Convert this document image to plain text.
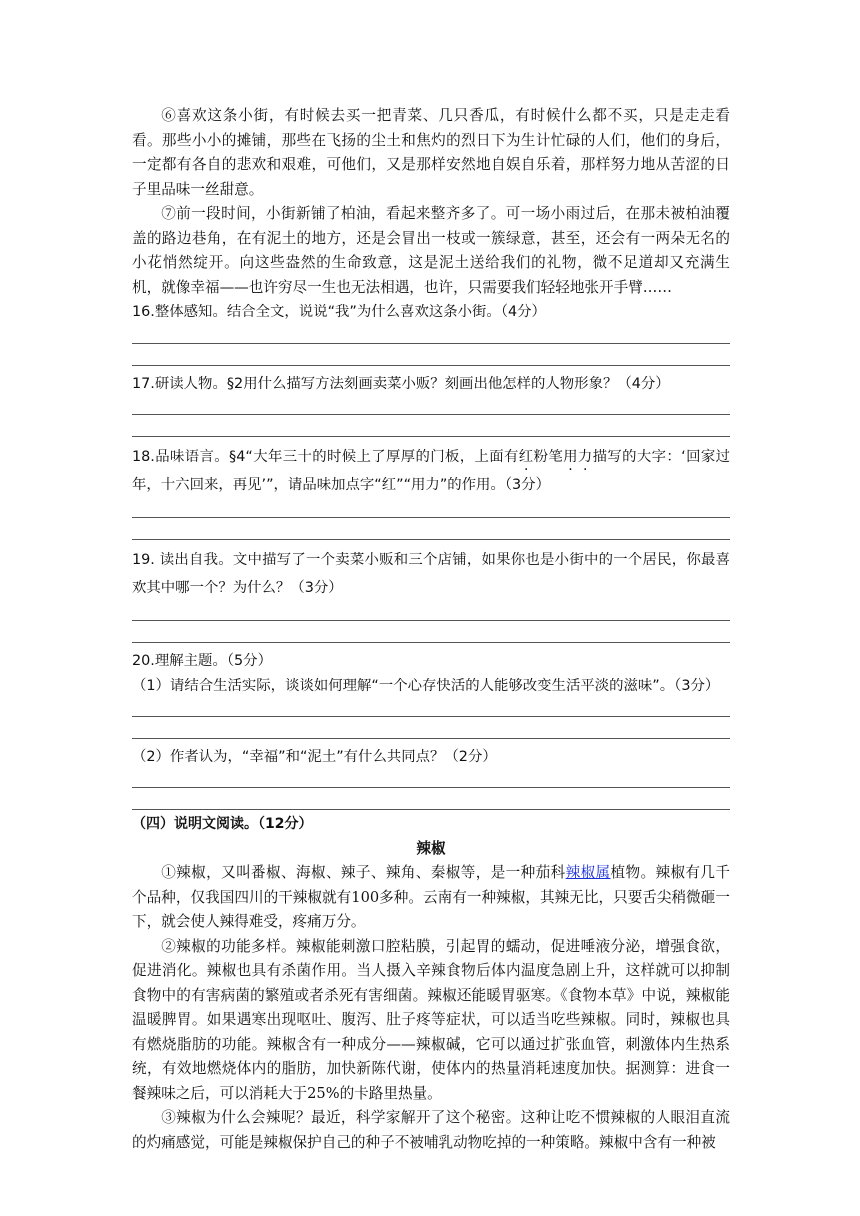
⑥喜欢这条小街，有时候去买一把青菜、几只香瓜，有时候什么都不买，只是走走看看。那些小小的摊铺，那些在飞扬的尘土和焦灼的烈日下为生计忙碌的人们，他们的身后，一定都有各自的悲欢和艰难，可他们，又是那样安然地自娱自乐着，那样努力地从苦涩的日子里品味一丝甜意。

⑦前一段时间，小街新铺了柏油，看起来整齐多了。可一场小雨过后，在那未被柏油覆盖的路边巷角，在有泥土的地方，还是会冒出一枝或一簇绿意，甚至，还会有一两朵无名的小花悄然绽开。向这些盎然的生命致意，这是泥土送给我们的礼物，微不足道却又充满生机，就像幸福——也许穷尽一生也无法相遇，也许，只需要我们轻轻地张开手臂……

16.整体感知。结合全文，说说“我”为什么喜欢这条小街。（4分）

17.研读人物。§2用什么描写方法刻画卖菜小贩？刻画出他怎样的人物形象？（4分）

18.品味语言。§4“大年三十的时候上了厚厚的门板，上面有红粉笔用力描写的大字：‘回家过年，十六回来，再见’”，请品味加点字“红”“用力”的作用。（3分）

19. 读出自我。文中描写了一个卖菜小贩和三个店铺，如果你也是小街中的一个居民，你最喜欢其中哪一个？为什么？（3分）

20.理解主题。（5分）

（1）请结合生活实际，谈谈如何理解“一个心存快活的人能够改变生活平淡的滋味”。（3分）

（2）作者认为，“幸福”和“泥土”有什么共同点？（2分）

（四）说明文阅读。（12分）

辣椒

①辣椒，又叫番椒、海椒、辣子、辣角、秦椒等，是一种茄科辣椒属植物。辣椒有几千个品种，仅我国四川的干辣椒就有100多种。云南有一种辣椒，其辣无比，只要舌尖稍微砸一下，就会使人辣得难受，疼痛万分。

②辣椒的功能多样。辣椒能刺激口腔粘膜，引起胃的蠕动，促进唾液分泌，增强食欲，促进消化。辣椒也具有杀菌作用。当人摄入辛辣食物后体内温度急剧上升，这样就可以抑制食物中的有害病菌的繁殖或者杀死有害细菌。辣椒还能暖胃驱寒。《食物本草》中说，辣椒能温暖脾胃。如果遇寒出现呕吐、腹泻、肚子疼等症状，可以适当吃些辣椒。同时，辣椒也具有燃烧脂肪的功能。辣椒含有一种成分——辣椒碱，它可以通过扩张血管，刺激体内生热系统，有效地燃烧体内的脂肪，加快新陈代谢，使体内的热量消耗速度加快。据测算：进食一餐辣味之后，可以消耗大于25%的卡路里热量。

③辣椒为什么会辣呢？最近，科学家解开了这个秘密。这种让吃不惯辣椒的人眼泪直流的灼痛感觉，可能是辣椒保护自己的种子不被哺乳动物吃掉的一种策略。辣椒中含有一种被
